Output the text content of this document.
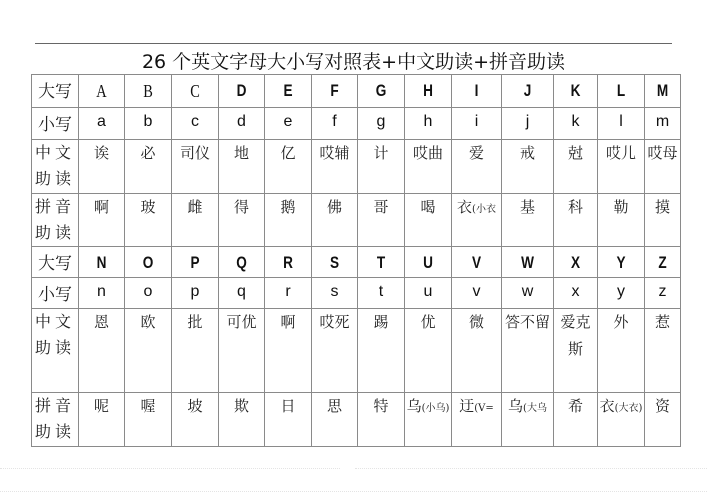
26 个英文字母大小写对照表+中文助读+拼音助读
大写	A	B	C	D	E	F	G	H	I	J	K	L	M

小写	a	b	c	d	e	f	g	h	i	j	k	l	m

中文
助读	诶	必	司仪	地	亿	哎辅	计	哎曲	爱	戒	尅	哎儿	哎母

拼音
助读	啊	玻	雌	得	鹅	佛	哥	喝	衣(小衣	基	科	勒	摸

大写	N	O	P	Q	R	S	T	U	V	W	X	Y	Z

小写	n	o	p	q	r	s	t	u	v	w	x	y	z

中文
助读	恩	欧	批	可优	啊	哎死	踢	优	微	答不留	爱克斯	外	惹

拼音
助读	呢	喔	坡	欺	日	思	特	乌(小乌)	迂(V=	乌(大乌	希	衣(大衣)	资
